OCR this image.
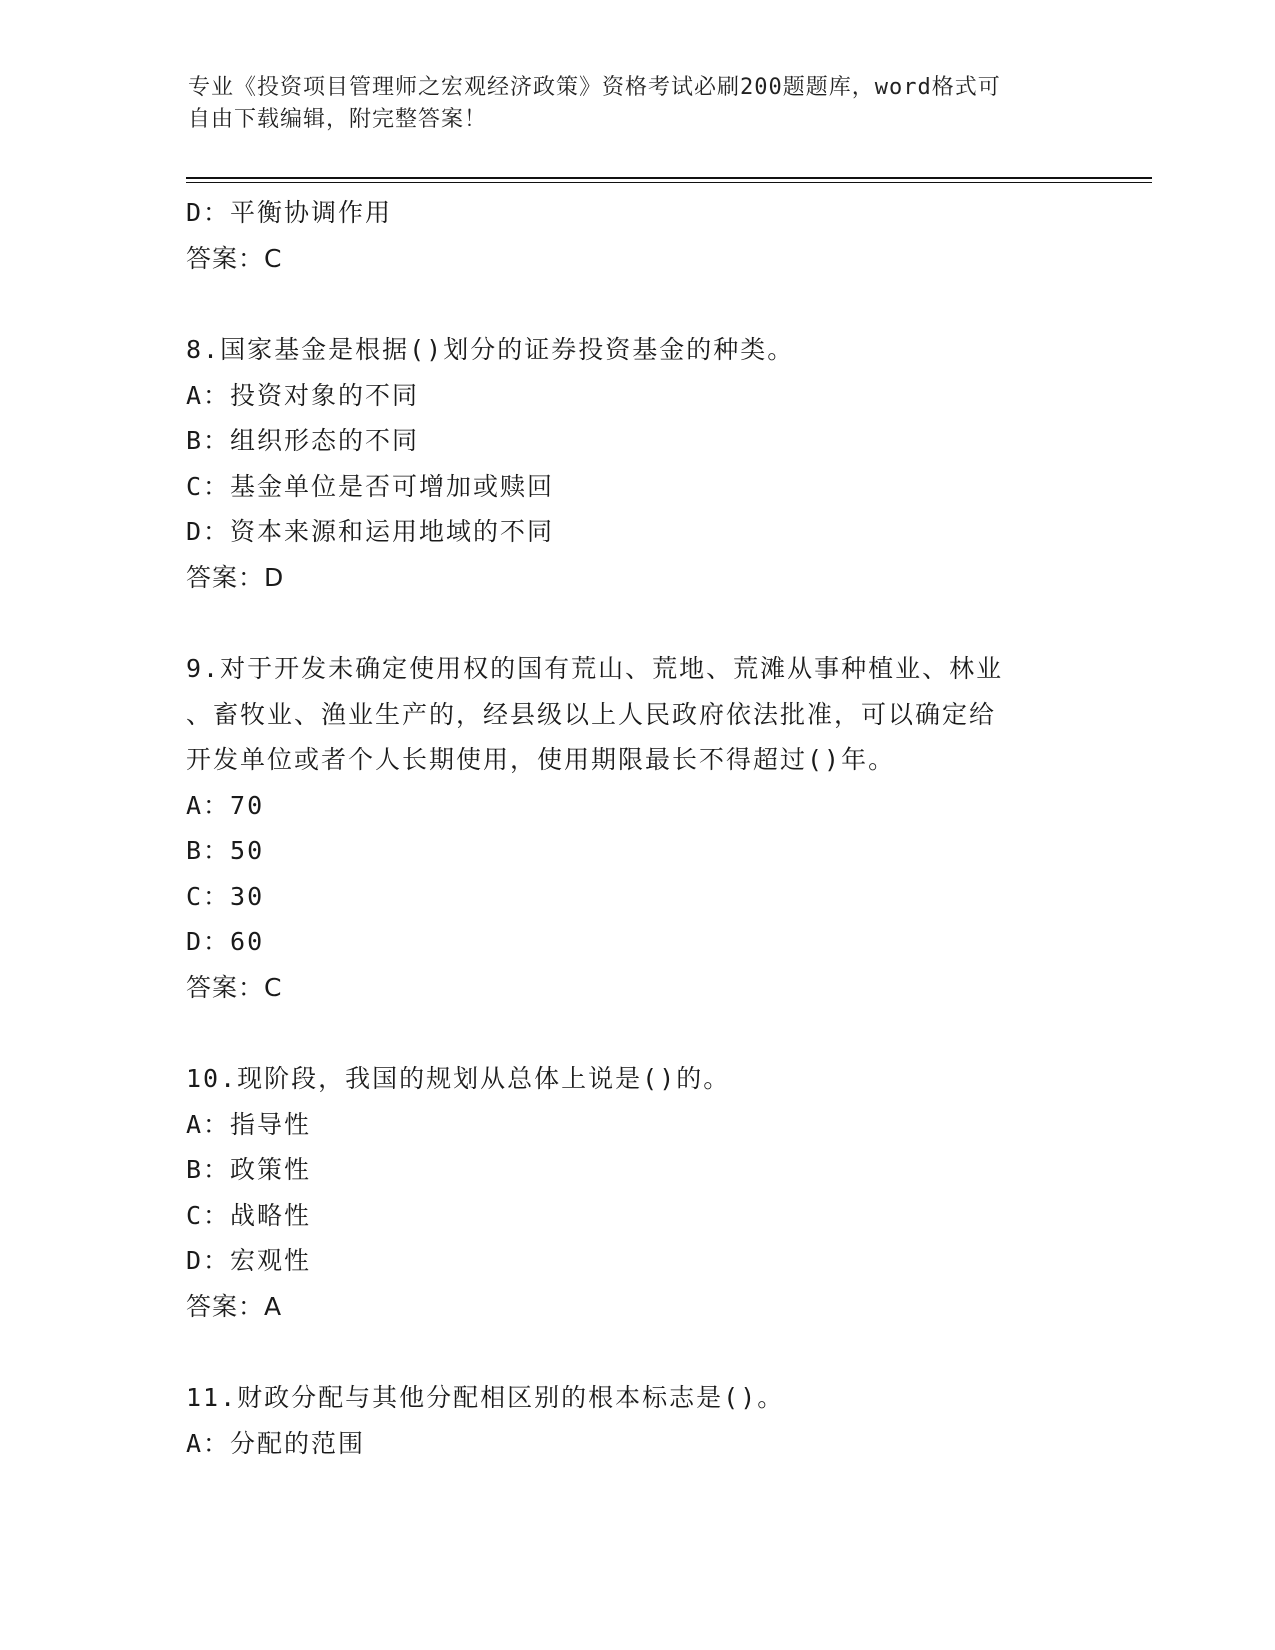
专业《投资项目管理师之宏观经济政策》资格考试必刷200题题库，word格式可
自由下载编辑，附完整答案！
D：平衡协调作用
答案：C
8.国家基金是根据()划分的证券投资基金的种类。
A：投资对象的不同
B：组织形态的不同
C：基金单位是否可增加或赎回
D：资本来源和运用地域的不同
答案：D
9.对于开发未确定使用权的国有荒山、荒地、荒滩从事种植业、林业
、畜牧业、渔业生产的，经县级以上人民政府依法批准，可以确定给
开发单位或者个人长期使用，使用期限最长不得超过()年。
A：70
B：50
C：30
D：60
答案：C
10.现阶段，我国的规划从总体上说是()的。
A：指导性
B：政策性
C：战略性
D：宏观性
答案：A
11.财政分配与其他分配相区别的根本标志是()。
A：分配的范围
